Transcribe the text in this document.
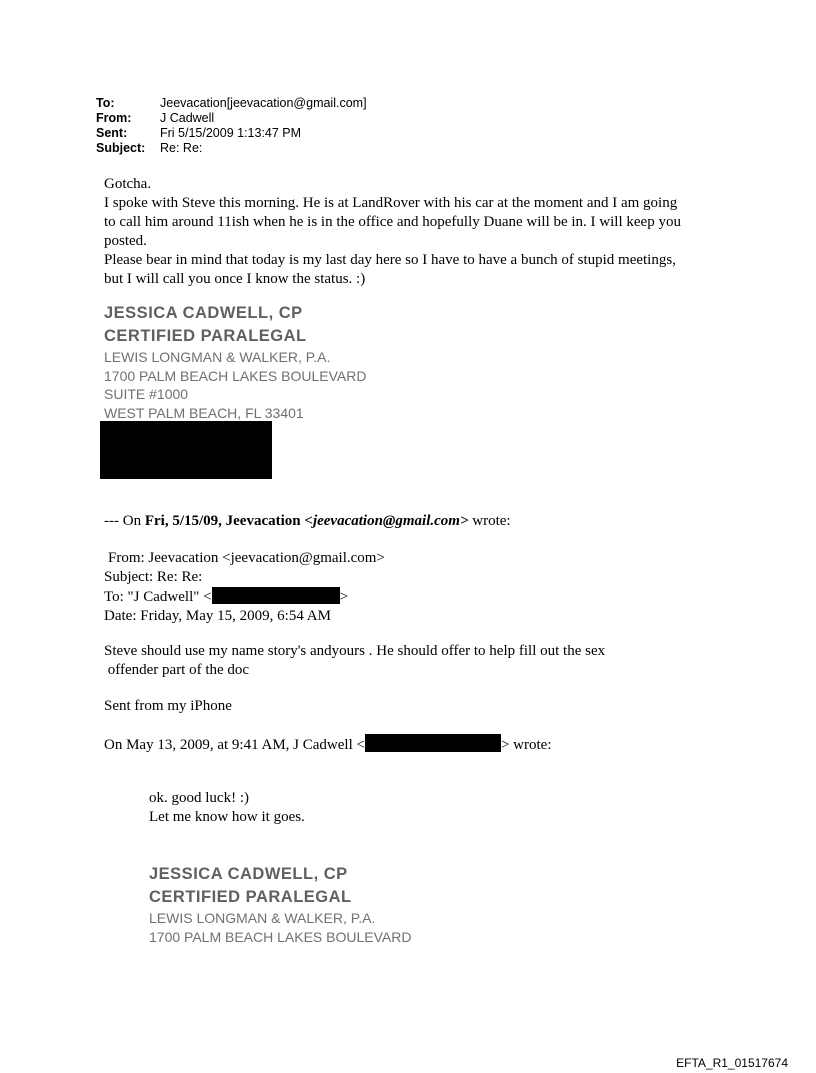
To:	Jeevacation[jeevacation@gmail.com]
From:	J Cadwell
Sent:	Fri 5/15/2009 1:13:47 PM
Subject:	Re: Re:
Gotcha.
I spoke with Steve this morning. He is at LandRover with his car at the moment and I am going
to call him around 11ish when he is in the office and hopefully Duane will be in. I will keep you
posted.
Please bear in mind that today is my last day here so I have to have a bunch of stupid meetings,
but I will call you once I know the status. :)
JESSICA CADWELL, CP
CERTIFIED PARALEGAL
LEWIS LONGMAN & WALKER, P.A.
1700 PALM BEACH LAKES BOULEVARD
SUITE #1000
WEST PALM BEACH, FL 33401
--- On Fri, 5/15/09, Jeevacation <jeevacation@gmail.com> wrote:
From: Jeevacation <jeevacation@gmail.com>
Subject: Re: Re:
To: "J Cadwell" <	>
Date: Friday, May 15, 2009, 6:54 AM
Steve should use my name story's andyours . He should offer to help fill out the sex
offender part of the doc
Sent from my iPhone
On May 13, 2009, at 9:41 AM, J Cadwell <	> wrote:
ok. good luck! :)
Let me know how it goes.
JESSICA CADWELL, CP
CERTIFIED PARALEGAL
LEWIS LONGMAN & WALKER, P.A.
1700 PALM BEACH LAKES BOULEVARD
EFTA_R1_01517674
